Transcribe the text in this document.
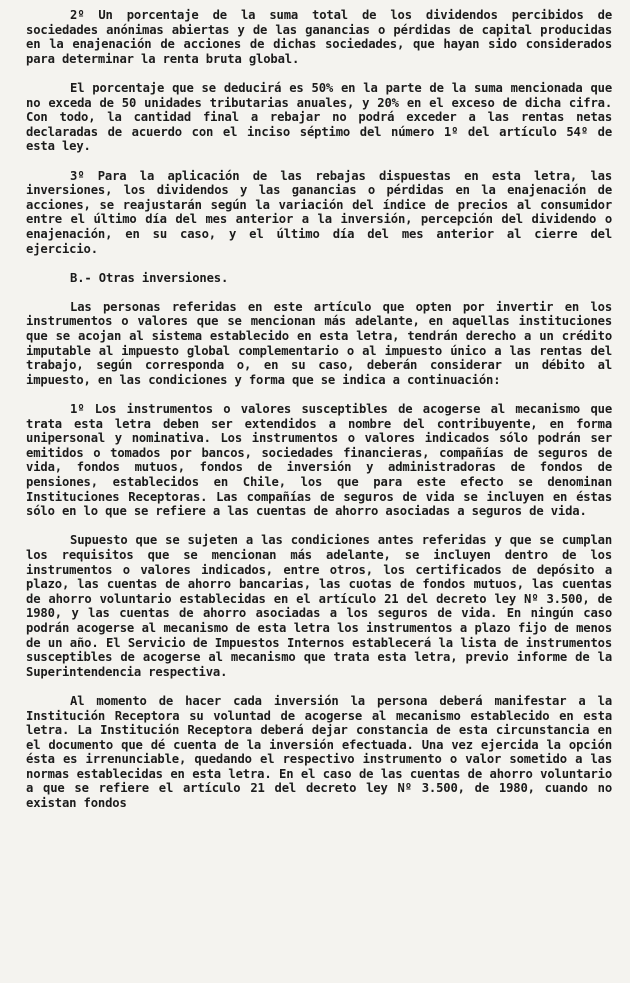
2º Un porcentaje de la suma total de los dividendos percibidos de sociedades anónimas abiertas y de las ganancias o pérdidas de capital producidas en la enajenación de acciones de dichas sociedades, que hayan sido considerados para determinar la renta bruta global.

El porcentaje que se deducirá es 50% en la parte de la suma mencionada que no exceda de 50 unidades tributarias anuales, y 20% en el exceso de dicha cifra. Con todo, la cantidad final a rebajar no podrá exceder a las rentas netas declaradas de acuerdo con el inciso séptimo del número 1º del artículo 54º de esta ley.

3º Para la aplicación de las rebajas dispuestas en esta letra, las inversiones, los dividendos y las ganancias o pérdidas en la enajenación de acciones, se reajustarán según la variación del índice de precios al consumidor entre el último día del mes anterior a la inversión, percepción del dividendo o enajenación, en su caso, y el último día del mes anterior al cierre del ejercicio.

B.- Otras inversiones.

Las personas referidas en este artículo que opten por invertir en los instrumentos o valores que se mencionan más adelante, en aquellas instituciones que se acojan al sistema establecido en esta letra, tendrán derecho a un crédito imputable al impuesto global complementario o al impuesto único a las rentas del trabajo, según corresponda o, en su caso, deberán considerar un débito al impuesto, en las condiciones y forma que se indica a continuación:

1º Los instrumentos o valores susceptibles de acogerse al mecanismo que trata esta letra deben ser extendidos a nombre del contribuyente, en forma unipersonal y nominativa. Los instrumentos o valores indicados sólo podrán ser emitidos o tomados por bancos, sociedades financieras, compañías de seguros de vida, fondos mutuos, fondos de inversión y administradoras de fondos de pensiones, establecidos en Chile, los que para este efecto se denominan Instituciones Receptoras. Las compañías de seguros de vida se incluyen en éstas sólo en lo que se refiere a las cuentas de ahorro asociadas a seguros de vida.

Supuesto que se sujeten a las condiciones antes referidas y que se cumplan los requisitos que se mencionan más adelante, se incluyen dentro de los instrumentos o valores indicados, entre otros, los certificados de depósito a plazo, las cuentas de ahorro bancarias, las cuotas de fondos mutuos, las cuentas de ahorro voluntario establecidas en el artículo 21 del decreto ley Nº 3.500, de 1980, y las cuentas de ahorro asociadas a los seguros de vida. En ningún caso podrán acogerse al mecanismo de esta letra los instrumentos a plazo fijo de menos de un año. El Servicio de Impuestos Internos establecerá la lista de instrumentos susceptibles de acogerse al mecanismo que trata esta letra, previo informe de la Superintendencia respectiva.

Al momento de hacer cada inversión la persona deberá manifestar a la Institución Receptora su voluntad de acogerse al mecanismo establecido en esta letra. La Institución Receptora deberá dejar constancia de esta circunstancia en el documento que dé cuenta de la inversión efectuada. Una vez ejercida la opción ésta es irrenunciable, quedando el respectivo instrumento o valor sometido a las normas establecidas en esta letra. En el caso de las cuentas de ahorro voluntario a que se refiere el artículo 21 del decreto ley Nº 3.500, de 1980, cuando no existan fondos
